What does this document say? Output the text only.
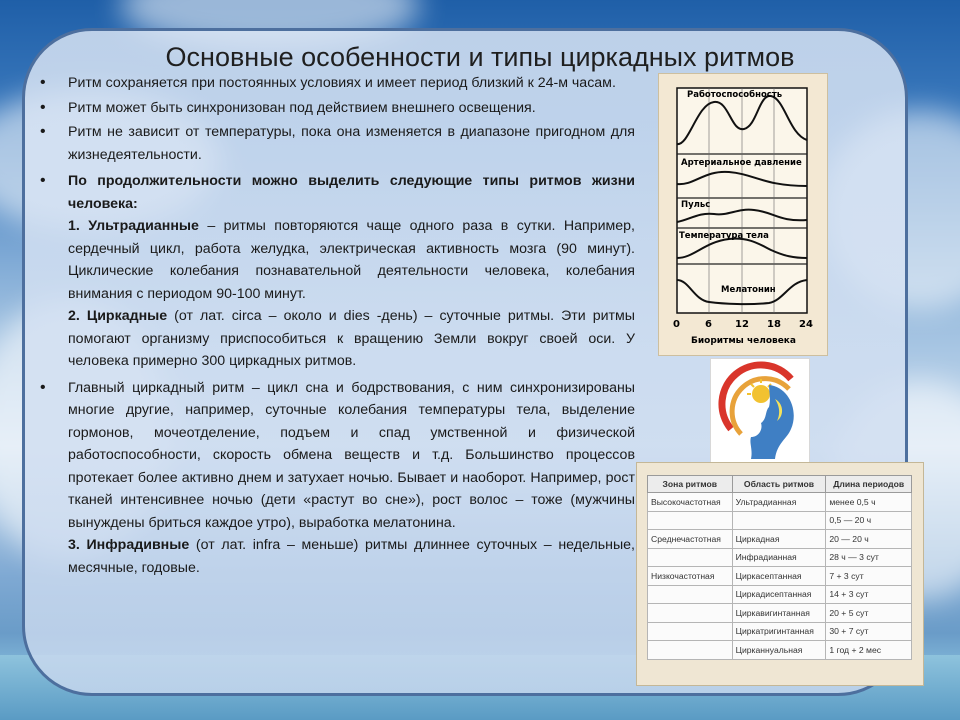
Основные особенности и типы циркадных ритмов
• Ритм сохраняется при постоянных условиях и имеет период близкий к 24-м часам.
• Ритм может быть синхронизован под действием внешнего освещения.
• Ритм не зависит от температуры, пока она изменяется в диапазоне пригодном для жизнедеятельности.
• По продолжительности можно выделить следующие типы ритмов жизни человека:
1. Ультрадианные – ритмы повторяются чаще одного раза в сутки. Например, сердечный цикл, работа желудка, электрическая активность мозга (90 минут). Циклические колебания познавательной деятельности человека, колебания внимания с периодом 90-100 минут.
2. Циркадные (от лат. circa – около и dies -день) – суточные ритмы. Эти ритмы помогают организму приспособиться к вращению Земли вокруг своей оси. У человека примерно 300 циркадных ритмов.
• Главный циркадный ритм – цикл сна и бодрствования, с ним синхронизированы многие другие, например, суточные колебания температуры тела, выделение гормонов, мочеотделение, подъем и спад умственной и физической работоспособности, скорость обмена веществ и т.д. Большинство процессов протекает более активно днем и затухает ночью. Бывает и наоборот. Например, рост тканей интенсивнее ночью (дети «растут во сне»), рост волос – тоже (мужчины вынуждены бриться каждое утро), выработка мелатонина.
3. Инфрадивные (от лат. infra – меньше) ритмы длиннее суточных – недельные, месячные, годовые.
Работоспособность
Артериальное давление
Пульс
Температура тела
Мелатонин
0	6 12 18 24
Биоритмы человека
Зона ритмов	Область ритмов	Длина периодов
Высокочастотная	Ультрадианная	менее 0,5 ч
		0,5 — 20 ч
Среднечастотная	Циркадная	20 — 20 ч
	Инфрадианная	28 ч — 3 сут
Низкочастотная	Циркасептанная	7 + 3 сут
	Циркадисептанная	14 + 3 сут
	Циркавигинтанная	20 + 5 сут
	Циркатригинтанная	30 + 7 сут
	Цирканнуальная	1 год + 2 мес
